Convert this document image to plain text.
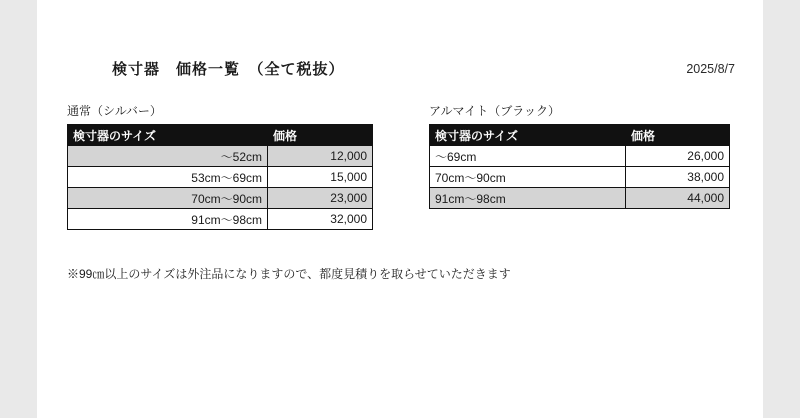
検寸器　価格一覧　（全て税抜）	2025/8/7
通常（シルバー）
検寸器のサイズ	価格
〜52cm	12,000
53cm〜69cm	15,000
70cm〜90cm	23,000
91cm〜98cm	32,000
アルマイト（ブラック）
検寸器のサイズ	価格
〜69cm	26,000
70cm〜90cm	38,000
91cm〜98cm	44,000
※99㎝以上のサイズは外注品になりますので、都度見積りを取らせていただきます
